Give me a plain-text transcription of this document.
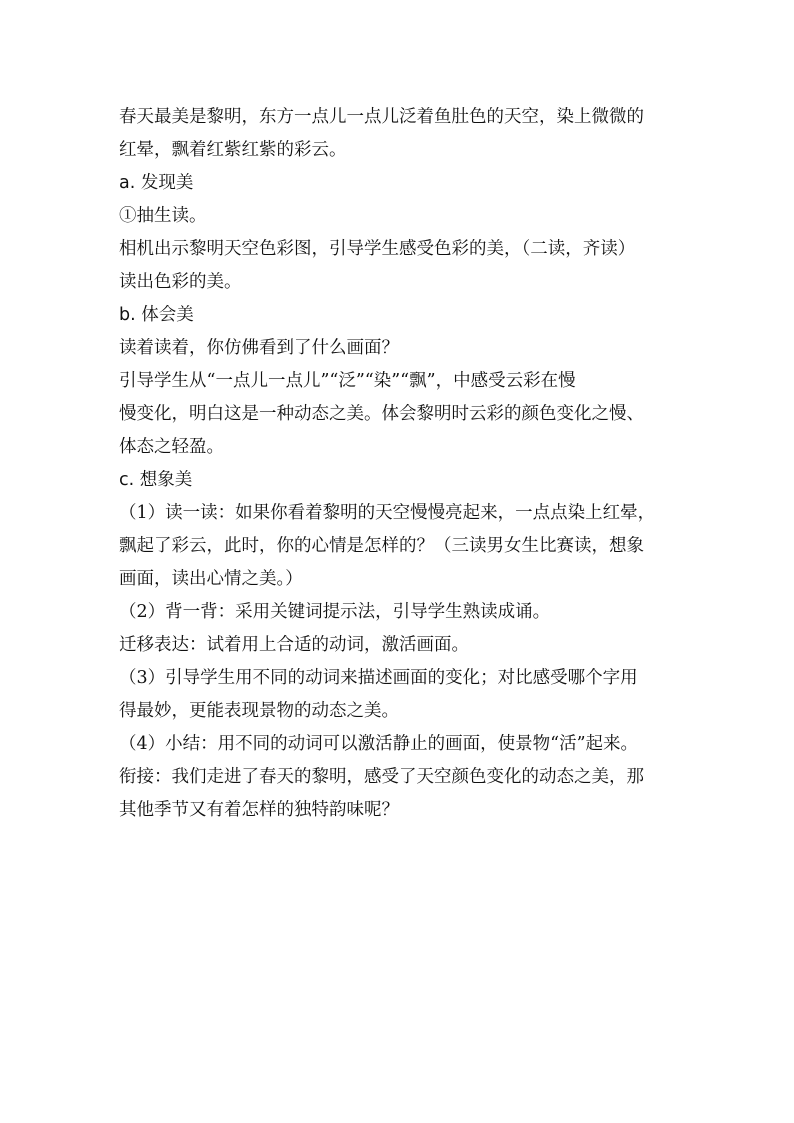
春天最美是黎明，东方一点儿一点儿泛着鱼肚色的天空，染上微微的
红晕，飘着红紫红紫的彩云。
a. 发现美
①抽生读。
相机出示黎明天空色彩图，引导学生感受色彩的美，（二读，齐读）
读出色彩的美。
b. 体会美
读着读着，你仿佛看到了什么画面？
引导学生从“一点儿一点儿”“泛”“染”“飘”，中感受云彩在慢
慢变化，明白这是一种动态之美。体会黎明时云彩的颜色变化之慢、
体态之轻盈。
c. 想象美
（1）读一读：如果你看着黎明的天空慢慢亮起来，一点点染上红晕，
飘起了彩云，此时，你的心情是怎样的？（三读男女生比赛读，想象
画面，读出心情之美。）
（2）背一背：采用关键词提示法，引导学生熟读成诵。
迁移表达：试着用上合适的动词，激活画面。
（3）引导学生用不同的动词来描述画面的变化；对比感受哪个字用
得最妙，更能表现景物的动态之美。
（4）小结：用不同的动词可以激活静止的画面，使景物“活”起来。
衔接：我们走进了春天的黎明，感受了天空颜色变化的动态之美，那
其他季节又有着怎样的独特韵味呢？
